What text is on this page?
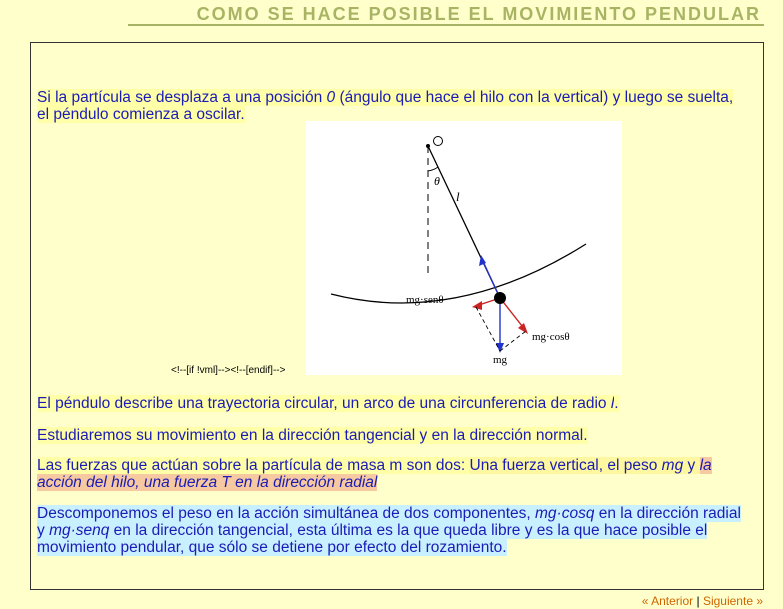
COMO SE HACE POSIBLE EL MOVIMIENTO PENDULAR
Si la partícula se desplaza a una posición 0 (ángulo que hace el hilo con la vertical) y luego se suelta, el péndulo comienza a oscilar.
θ
l
mg·senθ
mg·cosθ
mg
<!--[if !vml]--><!--[endif]-->
El péndulo describe una trayectoria circular, un arco de una circunferencia de radio l.
Estudiaremos su movimiento en la dirección tangencial y en la dirección normal.
Las fuerzas que actúan sobre la partícula de masa m son dos: Una fuerza vertical, el peso mg y la acción del hilo, una fuerza T en la dirección radial
Descomponemos el peso en la acción simultánea de dos componentes, mg·cosq en la dirección radial y mg·senq en la dirección tangencial, esta última es la que queda libre y es la que hace posible el movimiento pendular, que sólo se detiene por efecto del rozamiento.
« Anterior | Siguiente »
